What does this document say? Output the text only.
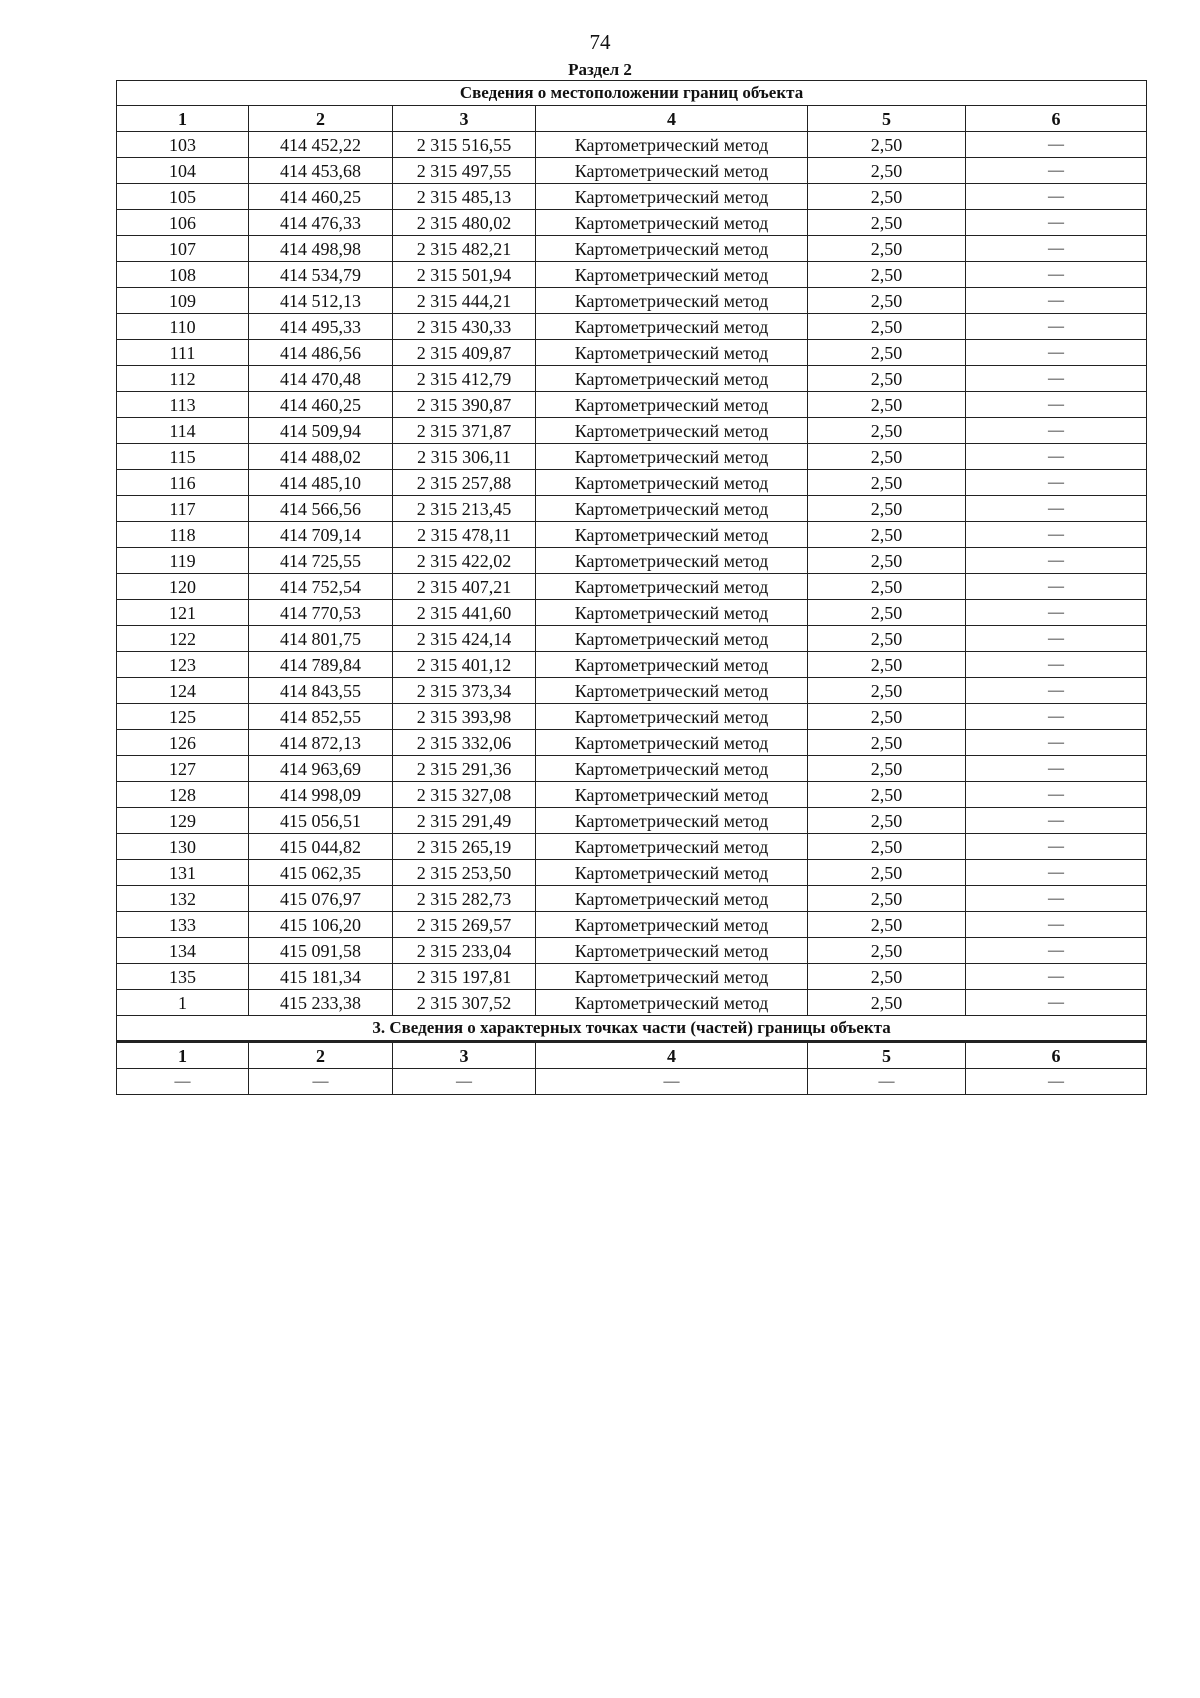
74
Раздел 2
Сведения о местоположении границ объекта					
1	2	3	4	5	6
103	414 452,22	2 315 516,55	Картометрический метод	2,50	—
104	414 453,68	2 315 497,55	Картометрический метод	2,50	—
105	414 460,25	2 315 485,13	Картометрический метод	2,50	—
106	414 476,33	2 315 480,02	Картометрический метод	2,50	—
107	414 498,98	2 315 482,21	Картометрический метод	2,50	—
108	414 534,79	2 315 501,94	Картометрический метод	2,50	—
109	414 512,13	2 315 444,21	Картометрический метод	2,50	—
110	414 495,33	2 315 430,33	Картометрический метод	2,50	—
111	414 486,56	2 315 409,87	Картометрический метод	2,50	—
112	414 470,48	2 315 412,79	Картометрический метод	2,50	—
113	414 460,25	2 315 390,87	Картометрический метод	2,50	—
114	414 509,94	2 315 371,87	Картометрический метод	2,50	—
115	414 488,02	2 315 306,11	Картометрический метод	2,50	—
116	414 485,10	2 315 257,88	Картометрический метод	2,50	—
117	414 566,56	2 315 213,45	Картометрический метод	2,50	—
118	414 709,14	2 315 478,11	Картометрический метод	2,50	—
119	414 725,55	2 315 422,02	Картометрический метод	2,50	—
120	414 752,54	2 315 407,21	Картометрический метод	2,50	—
121	414 770,53	2 315 441,60	Картометрический метод	2,50	—
122	414 801,75	2 315 424,14	Картометрический метод	2,50	—
123	414 789,84	2 315 401,12	Картометрический метод	2,50	—
124	414 843,55	2 315 373,34	Картометрический метод	2,50	—
125	414 852,55	2 315 393,98	Картометрический метод	2,50	—
126	414 872,13	2 315 332,06	Картометрический метод	2,50	—
127	414 963,69	2 315 291,36	Картометрический метод	2,50	—
128	414 998,09	2 315 327,08	Картометрический метод	2,50	—
129	415 056,51	2 315 291,49	Картометрический метод	2,50	—
130	415 044,82	2 315 265,19	Картометрический метод	2,50	—
131	415 062,35	2 315 253,50	Картометрический метод	2,50	—
132	415 076,97	2 315 282,73	Картометрический метод	2,50	—
133	415 106,20	2 315 269,57	Картометрический метод	2,50	—
134	415 091,58	2 315 233,04	Картометрический метод	2,50	—
135	415 181,34	2 315 197,81	Картометрический метод	2,50	—
1	415 233,38	2 315 307,52	Картометрический метод	2,50	—
3. Сведения о характерных точках части (частей) границы объекта					
1	2	3	4	5	6
—	—	—	—	—	—
